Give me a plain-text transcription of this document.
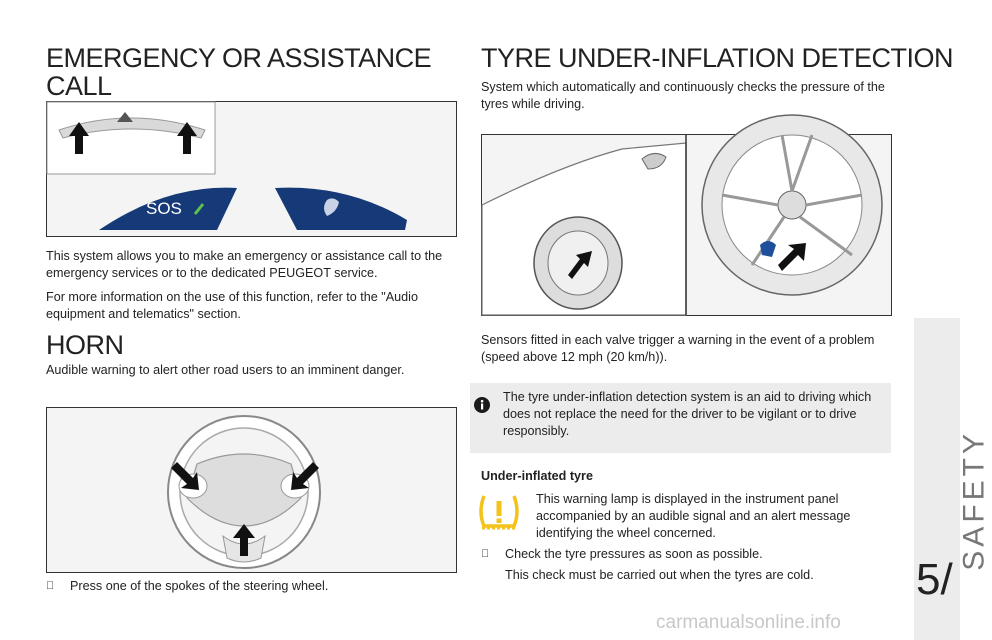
EMERGENCY OR ASSISTANCE
CALL
SOS
This system allows you to make an emergency or assistance call to the emergency services or to the dedicated PEUGEOT service.
For more information on the use of this function, refer to the "Audio equipment and telematics" section.
HORN
Audible warning to alert other road users to an imminent danger.
Press one of the spokes of the steering wheel.
TYRE UNDER-INFLATION DETECTION
System which automatically and continuously checks the pressure of the tyres while driving.
Sensors fitted in each valve trigger a warning in the event of a problem (speed above 12 mph (20 km/h)).
The tyre under-inflation detection system is an aid to driving which does not replace the need for the driver to be vigilant or to drive responsibly.
Under-inflated tyre
This warning lamp is displayed in the instrument panel accompanied by an audible signal and an alert message identifying the wheel concerned.
Check the tyre pressures as soon as possible.
This check must be carried out when the tyres are cold.
SAFETY
5/
carmanualsonline.info
